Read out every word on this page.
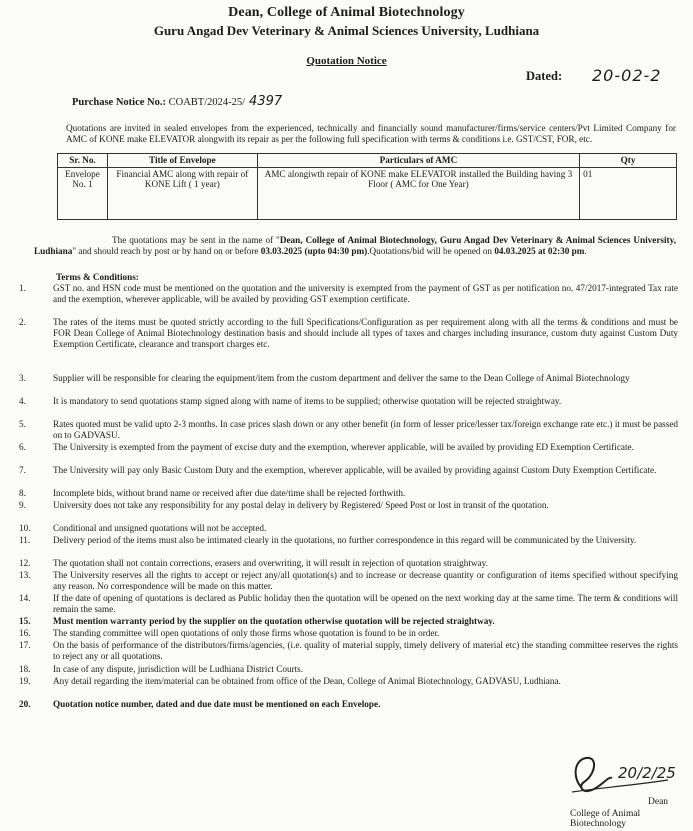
Dean, College of Animal Biotechnology
Guru Angad Dev Veterinary & Animal Sciences University, Ludhiana
Quotation Notice
Dated: 20-02-2
Purchase Notice No.: COABT/2024-25/ 4397
Quotations are invited in sealed envelopes from the experienced, technically and financially sound manufacturer/firms/service centers/Pvt Limited Company for AMC of KONE make ELEVATOR alongwith its repair as per the following full specification with terms & conditions i.e. GST/CST, FOR, etc.
Sr. No.	Title of Envelope	Particulars of AMC	Qty
Envelope No. 1	Financial AMC along with repair of KONE Lift ( 1 year)	AMC alongiwth repair of KONE make ELEVATOR installed the Building having 3 Floor ( AMC for One Year)	01
The quotations may be sent in the name of "Dean, College of Animal Biotechnology, Guru Angad Dev Veterinary & Animal Sciences University, Ludhiana" and should reach by post or by hand on or before 03.03.2025 (upto 04:30 pm).Quotations/bid will be opened on 04.03.2025 at 02:30 pm.
Terms & Conditions:
1.	GST no. and HSN code must be mentioned on the quotation and the university is exempted from the payment of GST as per notification no. 47/2017-integrated Tax rate and the exemption, wherever applicable, will be availed by providing GST exemption certificate.
2.	The rates of the items must be quoted strictly according to the full Specifications/Configuration as per requirement along with all the terms & conditions and must be FOR Dean College of Animal Biotechnology destination basis and should include all types of taxes and charges including insurance, custom duty against Custom Duty Exemption Certificate, clearance and transport charges etc.
3.	Supplier will be responsible for clearing the equipment/item from the custom department and deliver the same to the Dean College of Animal Biotechnology
4.	It is mandatory to send quotations stamp signed along with name of items to be supplied; otherwise quotation will be rejected straightway.
5.	Rates quoted must be valid upto 2-3 months. In case prices slash down or any other benefit (in form of lesser price/lesser tax/foreign exchange rate etc.) it must be passed on to GADVASU.
6.	The University is exempted from the payment of excise duty and the exemption, wherever applicable, will be availed by providing ED Exemption Certificate.
7.	The University will pay only Basic Custom Duty and the exemption, wherever applicable, will be availed by providing against Custom Duty Exemption Certificate.
8.	Incomplete bids, without brand name or received after due date/time shall be rejected forthwith.
9.	University does not take any responsibility for any postal delay in delivery by Registered/ Speed Post or lost in transit of the quotation.
10.	Conditional and unsigned quotations will not be accepted.
11.	Delivery period of the items must also be intimated clearly in the quotations, no further correspondence in this regard will be communicated by the University.
12.	The quotation shall not contain corrections, erasers and overwriting, it will result in rejection of quotation straightway.
13.	The University reserves all the rights to accept or reject any/all quotation(s) and to increase or decrease quantity or configuration of items specified without specifying any reason. No correspondence will be made on this matter.
14.	If the date of opening of quotations is declared as Public holiday then the quotation will be opened on the next working day at the same time. The term & conditions will remain the same.
15.	Must mention warranty period by the supplier on the quotation otherwise quotation will be rejected straightway.
16.	The standing committee will open quotations of only those firms whose quotation is found to be in order.
17.	On the basis of performance of the distributors/firms/agencies, (i.e. quality of material supply, timely delivery of material etc) the standing committee reserves the rights to reject any or all quotations.
18.	In case of any dispute, jurisdiction will be Ludhiana District Courts.
19.	Any detail regarding the item/material can be obtained from office of the Dean, College of Animal Biotechnology, GADVASU, Ludhiana.
20.	Quotation notice number, dated and due date must be mentioned on each Envelope.
20/2/25
Dean
College of Animal Biotechnology
